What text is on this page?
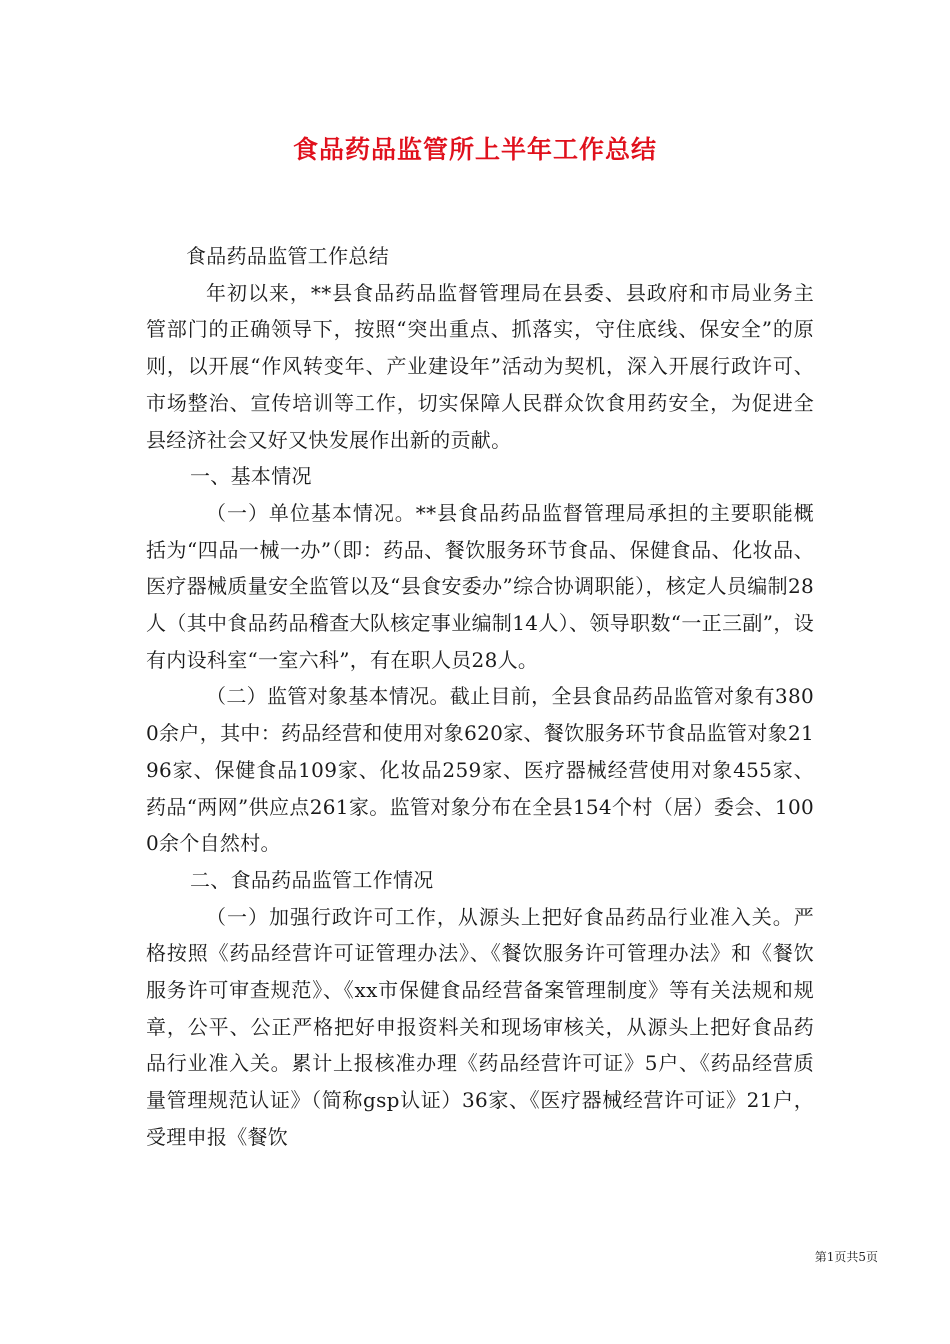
食品药品监管所上半年工作总结

食品药品监管工作总结

年初以来，**县食品药品监督管理局在县委、县政府和市局业务主管部门的正确领导下，按照“突出重点、抓落实，守住底线、保安全”的原则，以开展“作风转变年、产业建设年”活动为契机，深入开展行政许可、市场整治、宣传培训等工作，切实保障人民群众饮食用药安全，为促进全县经济社会又好又快发展作出新的贡献。

一、基本情况

（一）单位基本情况。**县食品药品监督管理局承担的主要职能概括为“四品一械一办”（即：药品、餐饮服务环节食品、保健食品、化妆品、医疗器械质量安全监管以及“县食安委办”综合协调职能），核定人员编制28人（其中食品药品稽查大队核定事业编制14人）、领导职数“一正三副”，设有内设科室“一室六科”，有在职人员28人。

（二）监管对象基本情况。截止目前，全县食品药品监管对象有3800余户，其中：药品经营和使用对象620家、餐饮服务环节食品监管对象2196家、保健食品109家、化妆品259家、医疗器械经营使用对象455家、药品“两网”供应点261家。监管对象分布在全县154个村（居）委会、1000余个自然村。

二、食品药品监管工作情况

（一）加强行政许可工作，从源头上把好食品药品行业准入关。严格按照《药品经营许可证管理办法》、《餐饮服务许可管理办法》和《餐饮服务许可审查规范》、《xx市保健食品经营备案管理制度》等有关法规和规章，公平、公正严格把好申报资料关和现场审核关，从源头上把好食品药品行业准入关。累计上报核准办理《药品经营许可证》5户、《药品经营质量管理规范认证》（简称gsp认证）36家、《医疗器械经营许可证》21户，受理申报《餐饮

第1页共5页
